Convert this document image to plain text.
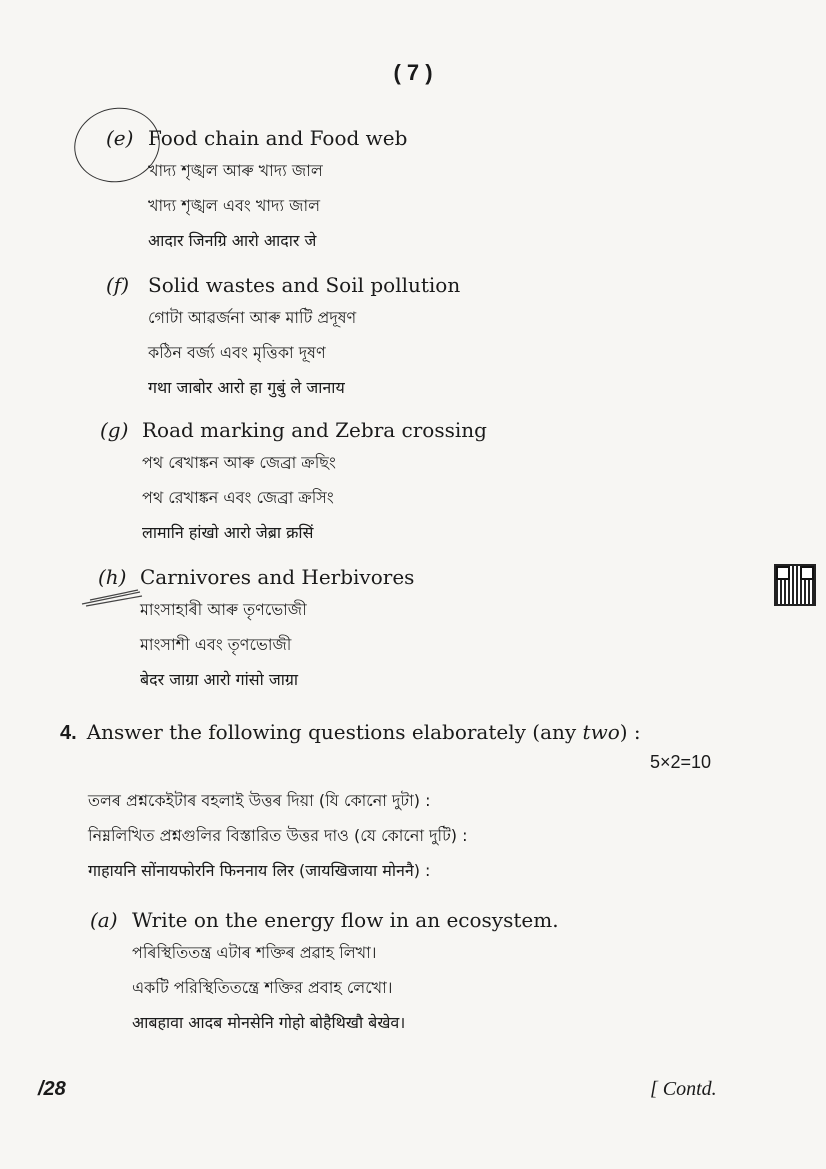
( 7 )
(e) Food chain and Food web
খাদ্য শৃঙ্খল আৰু খাদ্য জাল
খাদ্য শৃঙ্খল এবং খাদ্য জাল
आदार जिनग्रि आरो आदार जे
(f) Solid wastes and Soil pollution
গোটা আৱৰ্জনা আৰু মাটি প্ৰদূষণ
কঠিন বর্জ্য এবং মৃত্তিকা দূষণ
गथा जाबोर आरो हा गुबुं ले जानाय
(g) Road marking and Zebra crossing
পথ ৰেখাঙ্কন আৰু জেব্ৰা ক্ৰছিং
পথ রেখাঙ্কন এবং জেব্রা ক্রসিং
लामानि हांखो आरो जेब्रा क्रसिं
(h) Carnivores and Herbivores
মাংসাহাৰী আৰু তৃণভোজী
মাংসাশী এবং তৃণভোজী
बेदर जाग्रा आरो गांसो जाग्रा
4. Answer the following questions elaborately (any two) :
5×2=10
তলৰ প্ৰশ্নকেইটাৰ বহলাই উত্তৰ দিয়া (যি কোনো দুটা) :
নিম্নলিখিত প্রশ্নগুলির বিস্তারিত উত্তর দাও (যে কোনো দুটি) :
गाहायनि सोंनायफोरनि फिननाय लिर (जायखिजाया मोननै) :
(a) Write on the energy flow in an ecosystem.
পৰিস্থিতিতন্ত্ৰ এটাৰ শক্তিৰ প্ৰৱাহ লিখা।
একটি পরিস্থিতিতন্ত্রে শক্তির প্রবাহ লেখো।
आबहावा आदब मोनसेनि गोहो बोहैथिखौ बेखेव।
/28	[ Contd.
